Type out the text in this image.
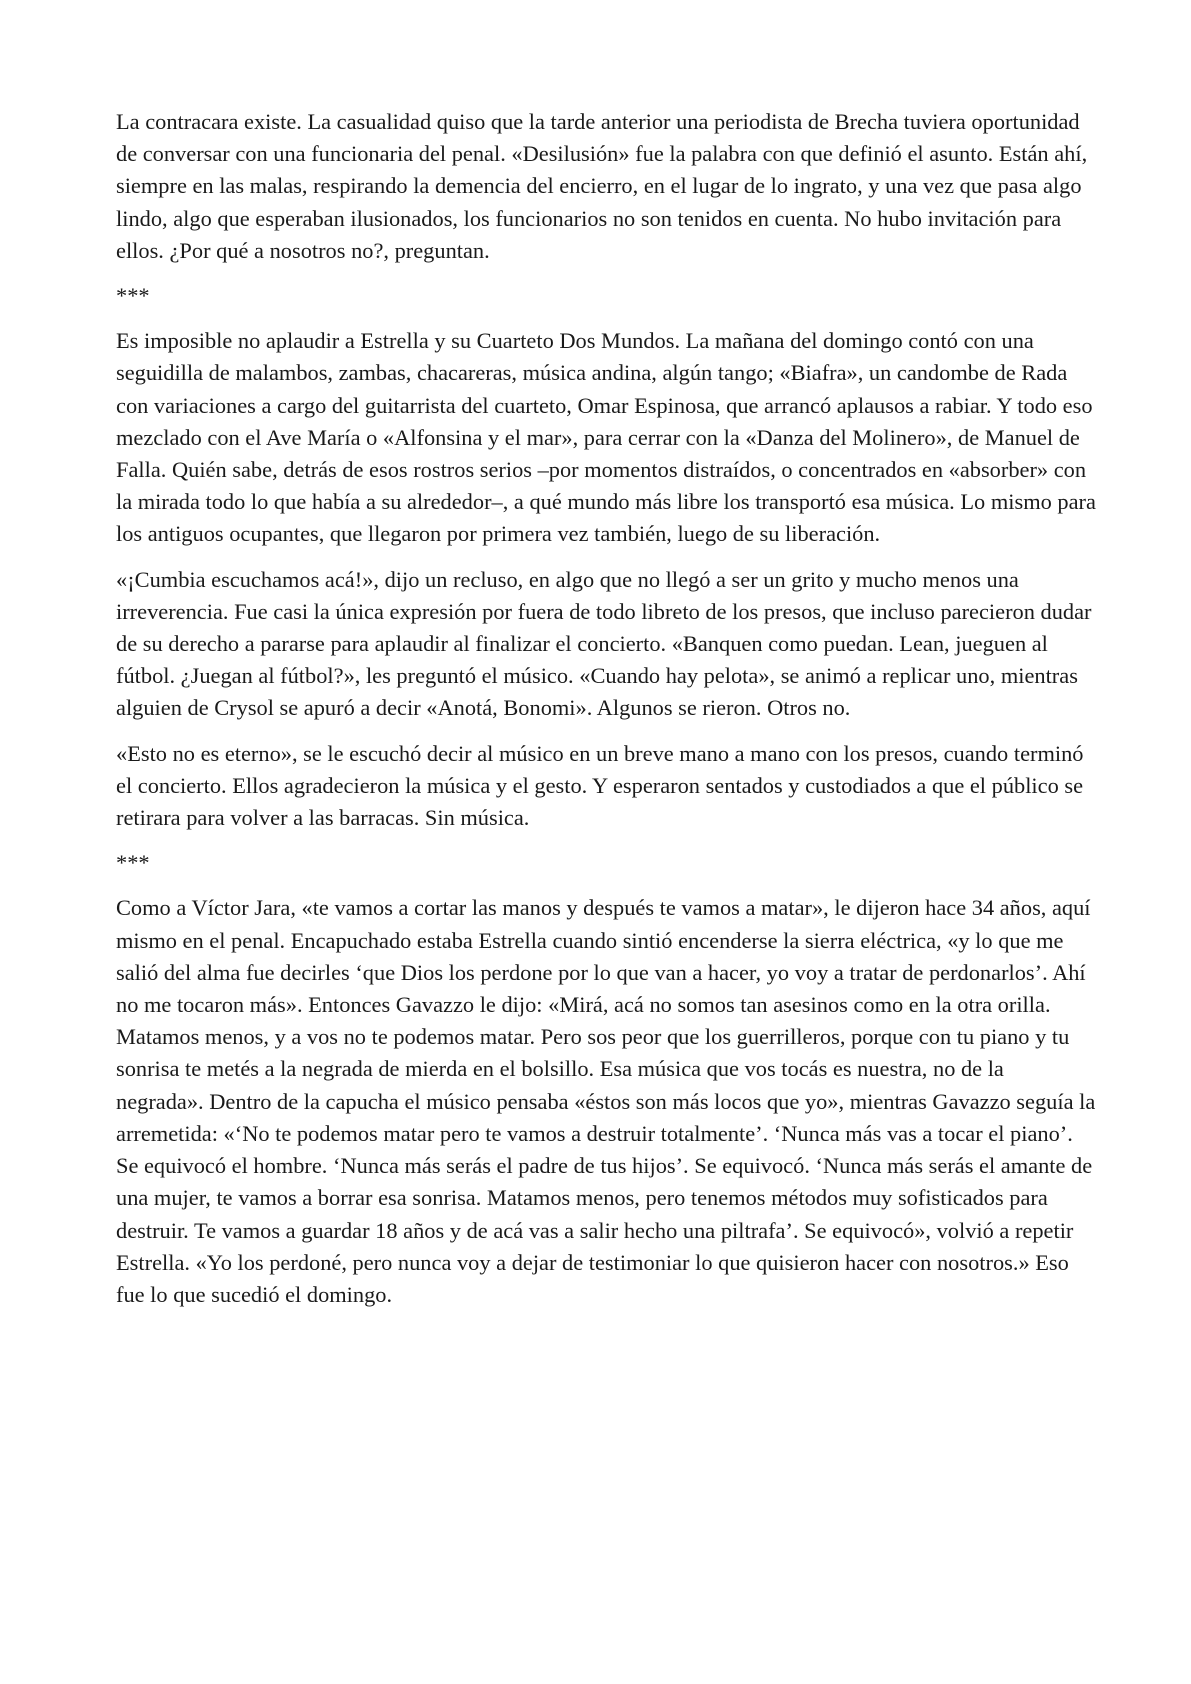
La contracara existe. La casualidad quiso que la tarde anterior una periodista de Brecha tuviera oportunidad de conversar con una funcionaria del penal. «Desilusión» fue la palabra con que definió el asunto. Están ahí, siempre en las malas, respirando la demencia del encierro, en el lugar de lo ingrato, y una vez que pasa algo lindo, algo que esperaban ilusionados, los funcionarios no son tenidos en cuenta. No hubo invitación para ellos. ¿Por qué a nosotros no?, preguntan.

***

Es imposible no aplaudir a Estrella y su Cuarteto Dos Mundos. La mañana del domingo contó con una seguidilla de malambos, zambas, chacareras, música andina, algún tango; «Biafra», un candombe de Rada con variaciones a cargo del guitarrista del cuarteto, Omar Espinosa, que arrancó aplausos a rabiar. Y todo eso mezclado con el Ave María o «Alfonsina y el mar», para cerrar con la «Danza del Molinero», de Manuel de Falla. Quién sabe, detrás de esos rostros serios –por momentos distraídos, o concentrados en «absorber» con la mirada todo lo que había a su alrededor–, a qué mundo más libre los transportó esa música. Lo mismo para los antiguos ocupantes, que llegaron por primera vez también, luego de su liberación.

«¡Cumbia escuchamos acá!», dijo un recluso, en algo que no llegó a ser un grito y mucho menos una irreverencia. Fue casi la única expresión por fuera de todo libreto de los presos, que incluso parecieron dudar de su derecho a pararse para aplaudir al finalizar el concierto. «Banquen como puedan. Lean, jueguen al fútbol. ¿Juegan al fútbol?», les preguntó el músico. «Cuando hay pelota», se animó a replicar uno, mientras alguien de Crysol se apuró a decir «Anotá, Bonomi». Algunos se rieron. Otros no.

«Esto no es eterno», se le escuchó decir al músico en un breve mano a mano con los presos, cuando terminó el concierto. Ellos agradecieron la música y el gesto. Y esperaron sentados y custodiados a que el público se retirara para volver a las barracas. Sin música.

***

Como a Víctor Jara, «te vamos a cortar las manos y después te vamos a matar», le dijeron hace 34 años, aquí mismo en el penal. Encapuchado estaba Estrella cuando sintió encenderse la sierra eléctrica, «y lo que me salió del alma fue decirles ‘que Dios los perdone por lo que van a hacer, yo voy a tratar de perdonarlos’. Ahí no me tocaron más». Entonces Gavazzo le dijo: «Mirá, acá no somos tan asesinos como en la otra orilla. Matamos menos, y a vos no te podemos matar. Pero sos peor que los guerrilleros, porque con tu piano y tu sonrisa te metés a la negrada de mierda en el bolsillo. Esa música que vos tocás es nuestra, no de la negrada». Dentro de la capucha el músico pensaba «éstos son más locos que yo», mientras Gavazzo seguía la arremetida: «‘No te podemos matar pero te vamos a destruir totalmente’. ‘Nunca más vas a tocar el piano’. Se equivocó el hombre. ‘Nunca más serás el padre de tus hijos’. Se equivocó. ‘Nunca más serás el amante de una mujer, te vamos a borrar esa sonrisa. Matamos menos, pero tenemos métodos muy sofisticados para destruir. Te vamos a guardar 18 años y de acá vas a salir hecho una piltrafa’. Se equivocó», volvió a repetir Estrella. «Yo los perdoné, pero nunca voy a dejar de testimoniar lo que quisieron hacer con nosotros.» Eso fue lo que sucedió el domingo.
